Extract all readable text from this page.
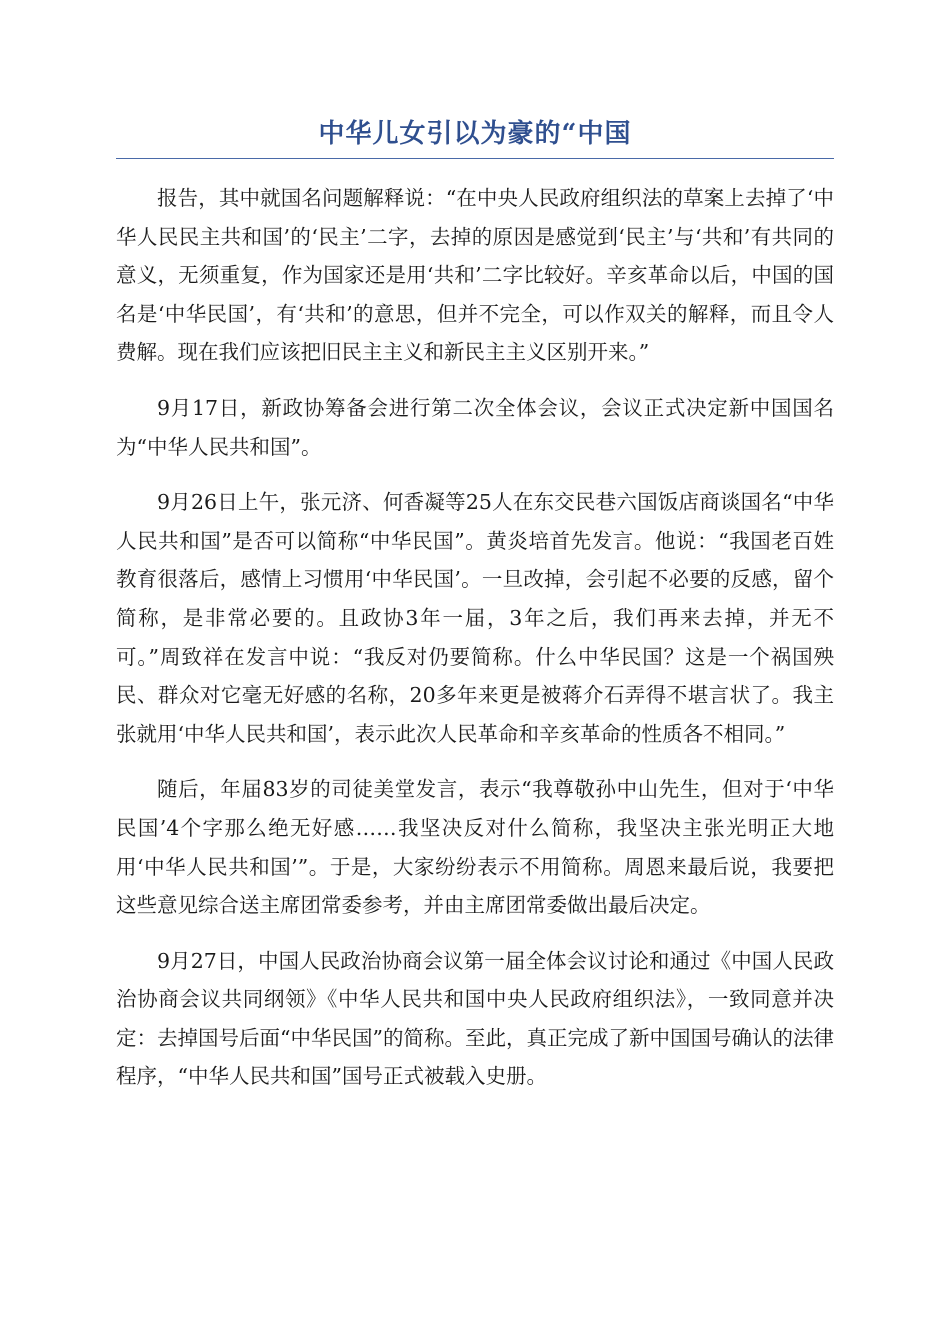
中华儿女引以为豪的“中国

报告，其中就国名问题解释说：“在中央人民政府组织法的草案上去掉了‘中华人民民主共和国’的‘民主’二字，去掉的原因是感觉到‘民主’与‘共和’有共同的意义，无须重复，作为国家还是用‘共和’二字比较好。辛亥革命以后，中国的国名是‘中华民国’，有‘共和’的意思，但并不完全，可以作双关的解释，而且令人费解。现在我们应该把旧民主主义和新民主主义区别开来。”

9月17日，新政协筹备会进行第二次全体会议，会议正式决定新中国国名为“中华人民共和国”。

9月26日上午，张元济、何香凝等25人在东交民巷六国饭店商谈国名“中华人民共和国”是否可以简称“中华民国”。黄炎培首先发言。他说：“我国老百姓教育很落后，感情上习惯用‘中华民国’。一旦改掉，会引起不必要的反感，留个简称，是非常必要的。且政协3年一届，3年之后，我们再来去掉，并无不可。”周致祥在发言中说：“我反对仍要简称。什么中华民国？这是一个祸国殃民、群众对它毫无好感的名称，20多年来更是被蒋介石弄得不堪言状了。我主张就用‘中华人民共和国’，表示此次人民革命和辛亥革命的性质各不相同。”

随后，年届83岁的司徒美堂发言，表示“我尊敬孙中山先生，但对于‘中华民国’4个字那么绝无好感……我坚决反对什么简称，我坚决主张光明正大地用‘中华人民共和国’”。于是，大家纷纷表示不用简称。周恩来最后说，我要把这些意见综合送主席团常委参考，并由主席团常委做出最后决定。

9月27日，中国人民政治协商会议第一届全体会议讨论和通过《中国人民政治协商会议共同纲领》《中华人民共和国中央人民政府组织法》，一致同意并决定：去掉国号后面“中华民国”的简称。至此，真正完成了新中国国号确认的法律程序，“中华人民共和国”国号正式被载入史册。
